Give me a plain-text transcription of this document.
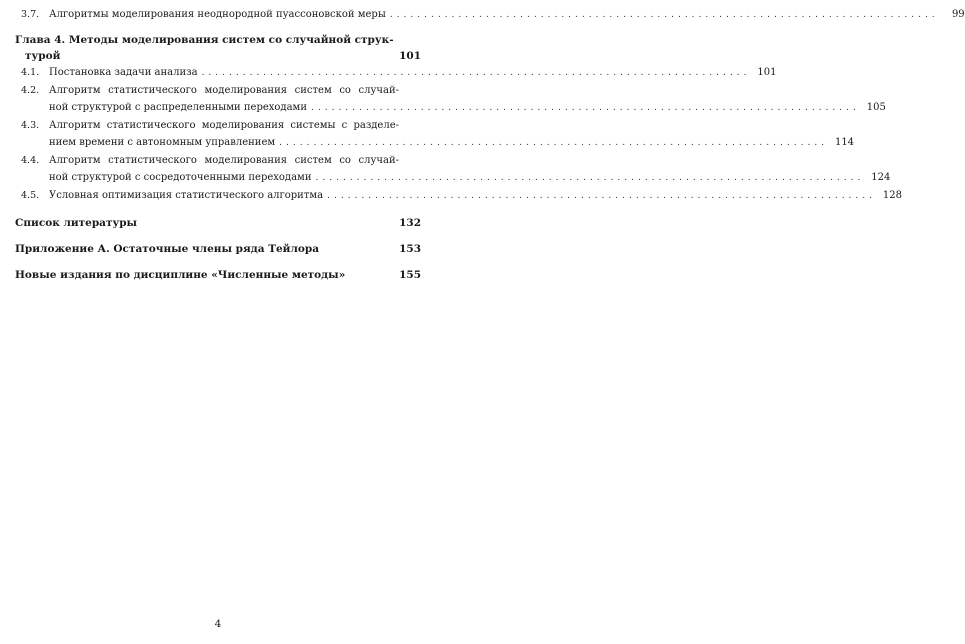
3.7. Алгоритмы моделирования неоднородной пуассоновской меры ................................................................................	99
Глава 4. Методы моделирования систем со случайной струк-
турой	101
4.1. Постановка задачи анализа ................................................................................ 101
4.2. Алгоритм статистического моделирования систем со случай-
ной структурой с распределенными переходами ................................................................................ 105
4.3. Алгоритм статистического моделирования системы с разделе-
нием времени с автономным управлением ................................................................................ 114
4.4. Алгоритм статистического моделирования систем со случай-
ной структурой с сосредоточенными переходами ................................................................................ 124
4.5. Условная оптимизация статистического алгоритма ................................................................................ 128
Список литературы	132
Приложение А. Остаточные члены ряда Тейлора	153
Новые издания по дисциплине «Численные методы»	155
4
